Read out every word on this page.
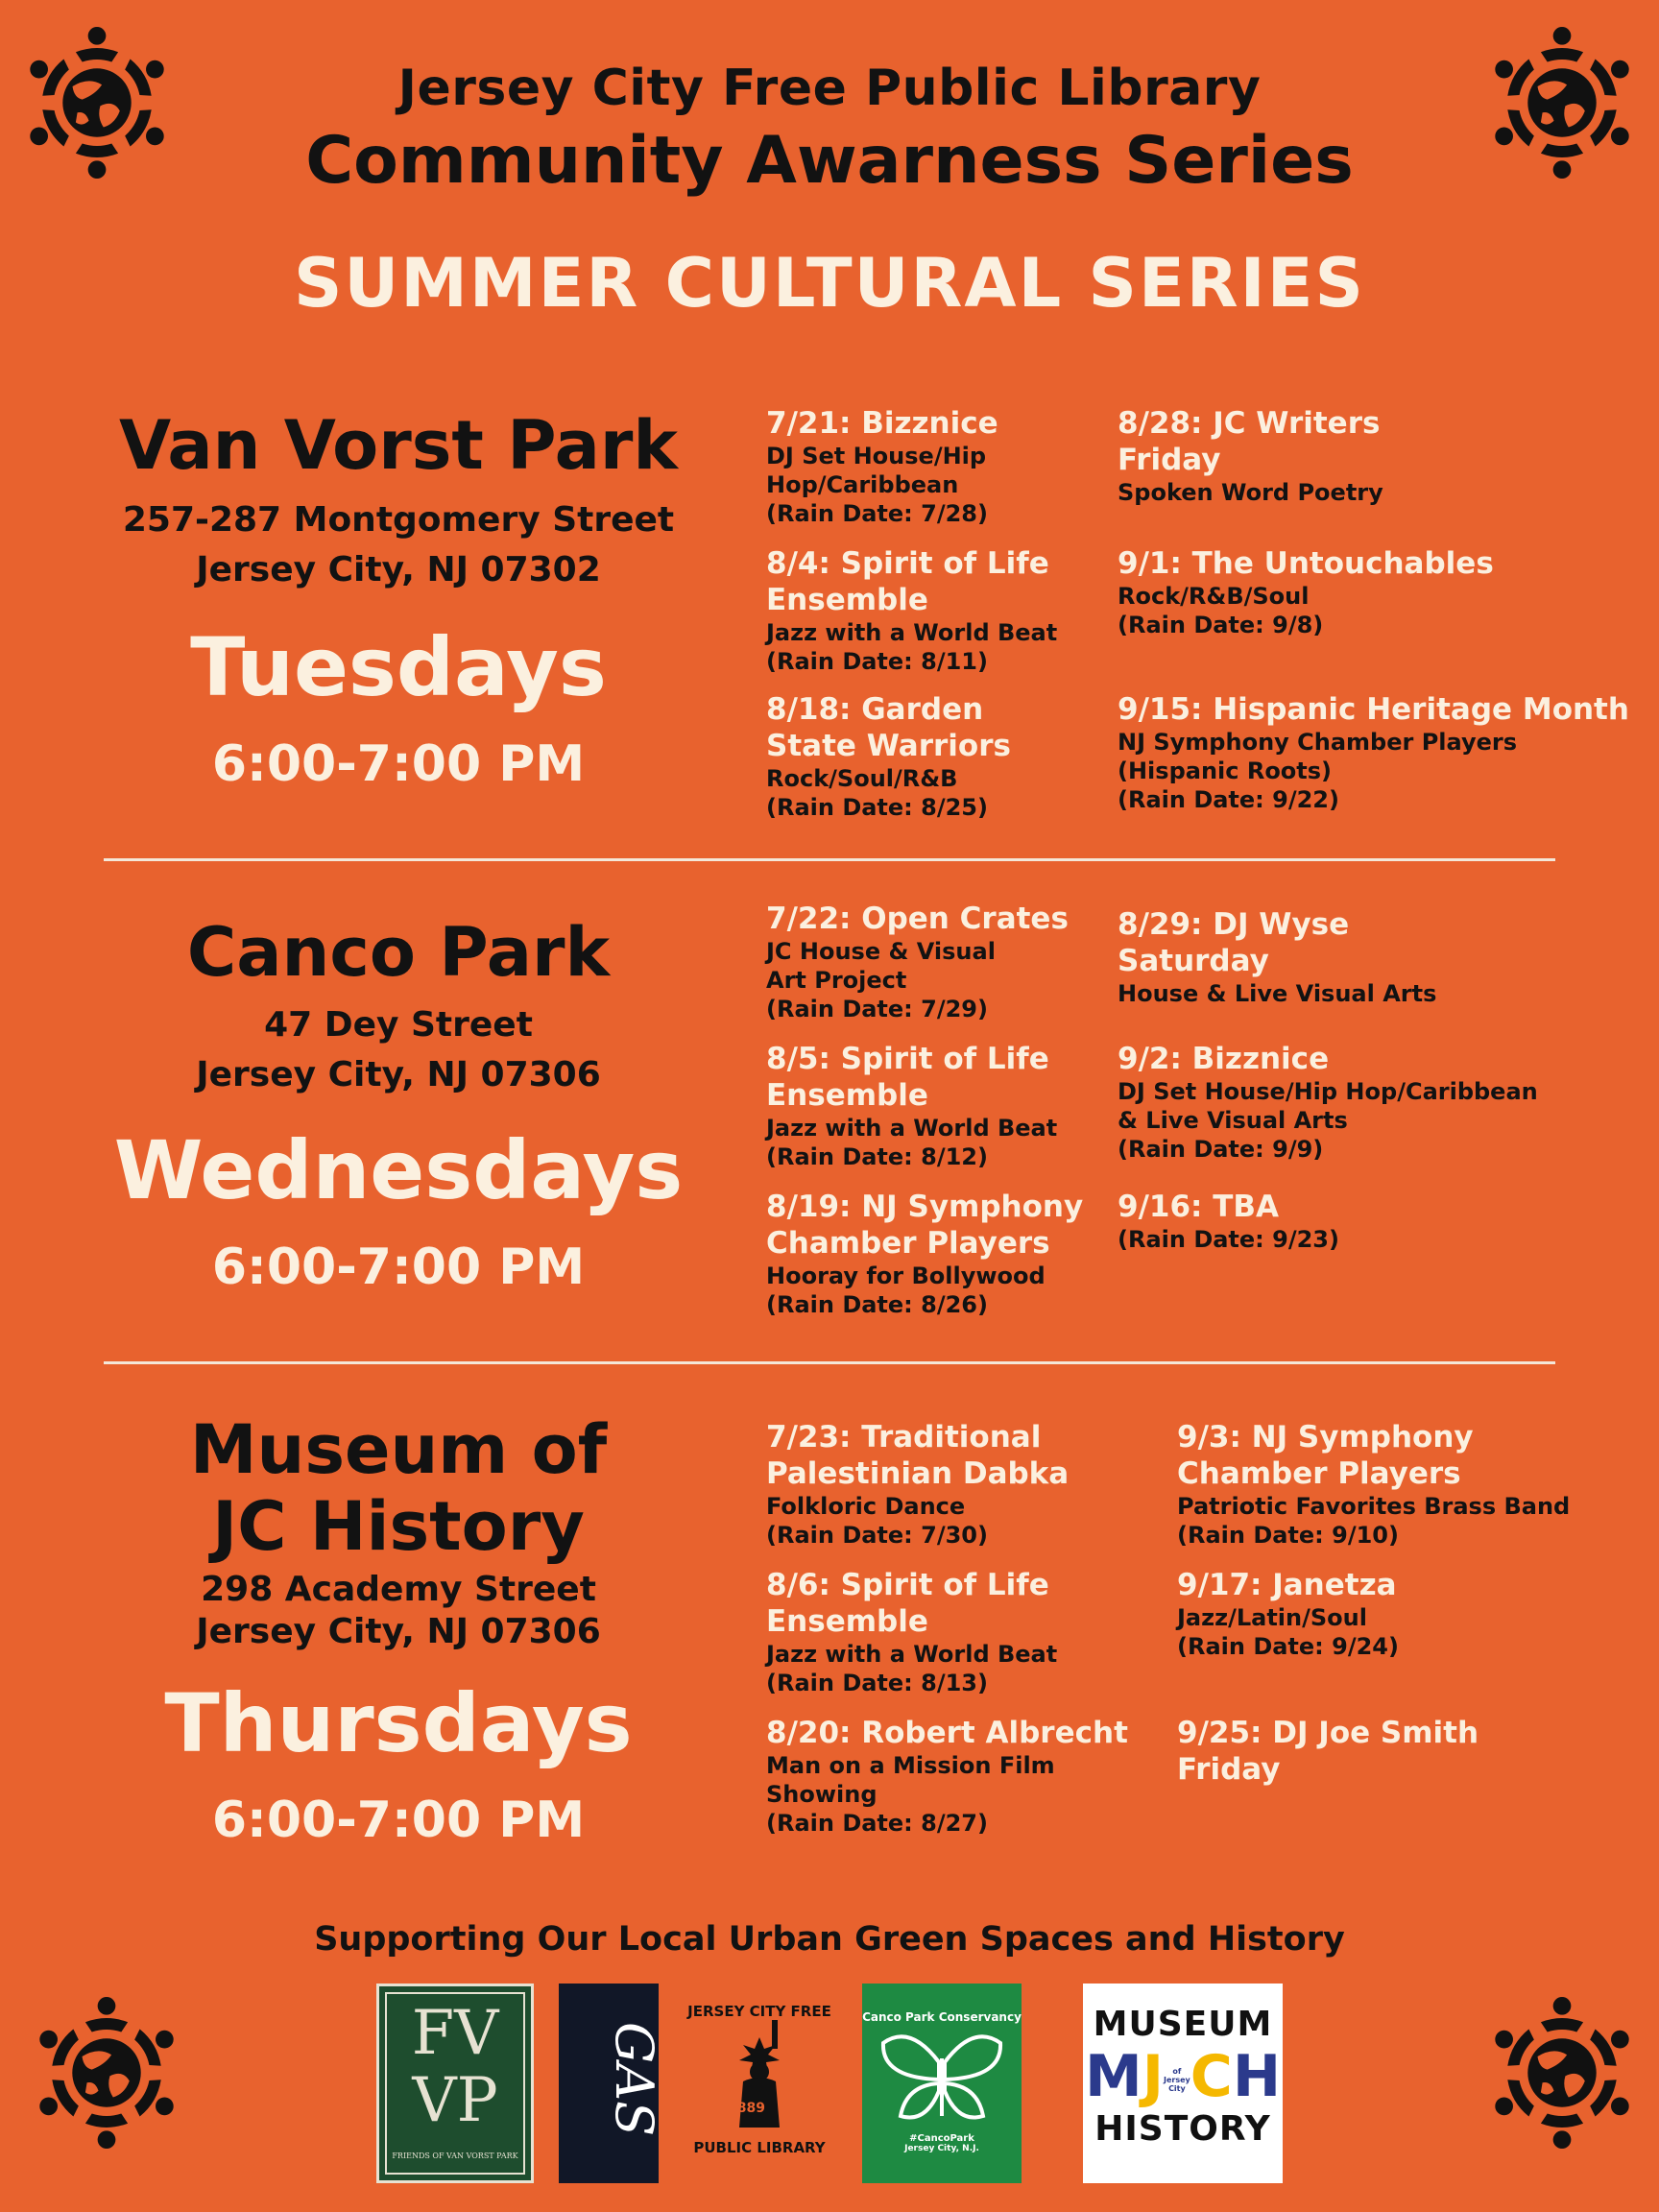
Jersey City Free Public Library
Community Awarness Series
SUMMER CULTURAL SERIES
Van Vorst Park
257-287 Montgomery Street
Jersey City, NJ 07302
Tuesdays
6:00-7:00 PM
7/21: Bizznice
DJ Set House/Hip
Hop/Caribbean
(Rain Date: 7/28)
8/4: Spirit of Life
Ensemble
Jazz with a World Beat
(Rain Date: 8/11)
8/18: Garden
State Warriors
Rock/Soul/R&B
(Rain Date: 8/25)
8/28: JC Writers
Friday
Spoken Word Poetry
9/1: The Untouchables
Rock/R&B/Soul
(Rain Date: 9/8)
9/15: Hispanic Heritage Month
NJ Symphony Chamber Players
(Hispanic Roots)
(Rain Date: 9/22)
Canco Park
47 Dey Street
Jersey City, NJ 07306
Wednesdays
6:00-7:00 PM
7/22: Open Crates
JC House & Visual
Art Project
(Rain Date: 7/29)
8/5: Spirit of Life
Ensemble
Jazz with a World Beat
(Rain Date: 8/12)
8/19: NJ Symphony
Chamber Players
Hooray for Bollywood
(Rain Date: 8/26)
8/29: DJ Wyse
Saturday
House & Live Visual Arts
9/2: Bizznice
DJ Set House/Hip Hop/Caribbean
& Live Visual Arts
(Rain Date: 9/9)
9/16: TBA
(Rain Date: 9/23)
Museum of
JC History
298 Academy Street
Jersey City, NJ 07306
Thursdays
6:00-7:00 PM
7/23: Traditional
Palestinian Dabka
Folkloric Dance
(Rain Date: 7/30)
8/6: Spirit of Life
Ensemble
Jazz with a World Beat
(Rain Date: 8/13)
8/20: Robert Albrecht
Man on a Mission Film
Showing
(Rain Date: 8/27)
9/3: NJ Symphony
Chamber Players
Patriotic Favorites Brass Band
(Rain Date: 9/10)
9/17: Janetza
Jazz/Latin/Soul
(Rain Date: 9/24)
9/25: DJ Joe Smith
Friday
Supporting Our Local Urban Green Spaces and History
FV
VP
FRIENDS OF VAN VORST PARK
GAS
JERSEY CITY FREE
1889
PUBLIC LIBRARY
Canco Park Conservancy
#CancoPark
Jersey City, N.J.
MUSEUM
MJ of
Jersey
CityCH
HISTORY
